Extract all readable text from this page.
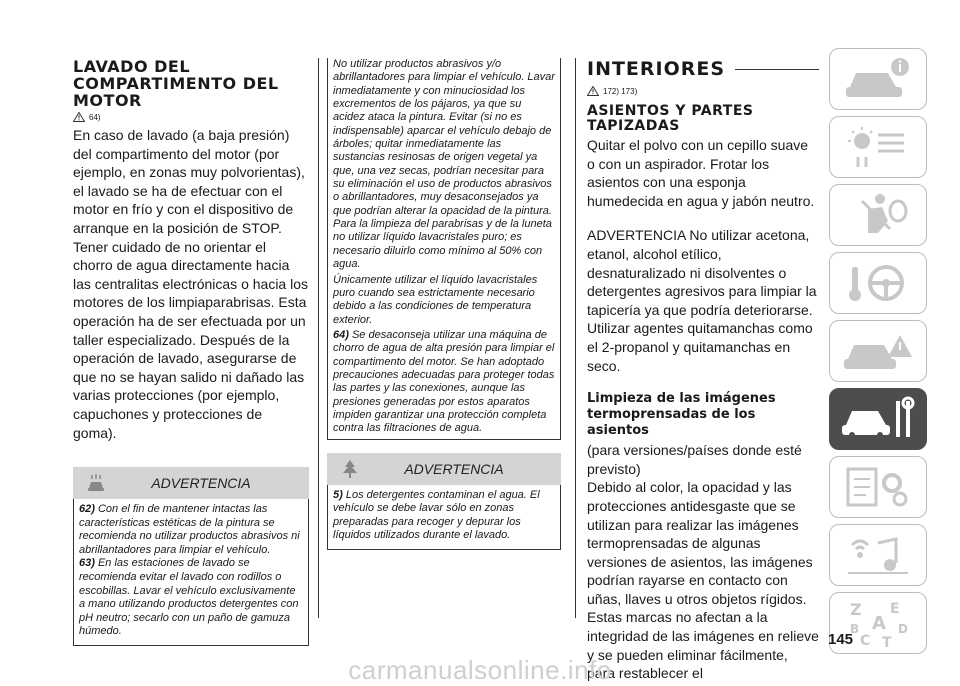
LAVADO DEL
COMPARTIMENTO DEL
MOTOR
64)

En caso de lavado (a baja presión) del compartimento del motor (por ejemplo, en zonas muy polvorientas), el lavado se ha de efectuar con el motor en frío y con el dispositivo de arranque en la posición de STOP. Tener cuidado de no orientar el chorro de agua directamente hacia las centralitas electrónicas o hacia los motores de los limpiaparabrisas. Esta operación ha de ser efectuada por un taller especializado. Después de la operación de lavado, asegurarse de que no se hayan salido ni dañado las varias protecciones (por ejemplo, capuchones y protecciones de goma).

ADVERTENCIA

62) Con el fin de mantener intactas las características estéticas de la pintura se recomienda no utilizar productos abrasivos ni abrillantadores para limpiar el vehículo.

63) En las estaciones de lavado se recomienda evitar el lavado con rodillos o escobillas. Lavar el vehículo exclusivamente a mano utilizando productos detergentes con pH neutro; secarlo con un paño de gamuza húmedo.

No utilizar productos abrasivos y/o abrillantadores para limpiar el vehículo. Lavar inmediatamente y con minuciosidad los excrementos de los pájaros, ya que su acidez ataca la pintura. Evitar (si no es indispensable) aparcar el vehículo debajo de árboles; quitar inmediatamente las sustancias resinosas de origen vegetal ya que, una vez secas, podrían necesitar para su eliminación el uso de productos abrasivos o abrillantadores, muy desaconsejados ya que podrían alterar la opacidad de la pintura. Para la limpieza del parabrisas y de la luneta no utilizar líquido lavacristales puro; es necesario diluirlo como mínimo al 50% con agua.

Únicamente utilizar el líquido lavacristales puro cuando sea estrictamente necesario debido a las condiciones de temperatura exterior.

64) Se desaconseja utilizar una máquina de chorro de agua de alta presión para limpiar el compartimento del motor. Se han adoptado precauciones adecuadas para proteger todas las partes y las conexiones, aunque las presiones generadas por estos aparatos impiden garantizar una protección completa contra las filtraciones de agua.

ADVERTENCIA

5) Los detergentes contaminan el agua. El vehículo se debe lavar sólo en zonas preparadas para recoger y depurar los líquidos utilizados durante el lavado.

INTERIORES
172) 173)
ASIENTOS Y PARTES
TAPIZADAS

Quitar el polvo con un cepillo suave o con un aspirador. Frotar los asientos con una esponja humedecida en agua y jabón neutro.

ADVERTENCIA No utilizar acetona, etanol, alcohol etílico, desnaturalizado ni disolventes o detergentes agresivos para limpiar la tapicería ya que podría deteriorarse. Utilizar agentes quitamanchas como el 2-propanol y quitamanchas en seco.

Limpieza de las imágenes
termoprensadas de los asientos

(para versiones/países donde esté previsto)

Debido al color, la opacidad y las protecciones antidesgaste que se utilizan para realizar las imágenes termoprensadas de algunas versiones de asientos, las imágenes podrían rayarse en contacto con uñas, llaves u otros objetos rígidos.

Estas marcas no afectan a la integridad de las imágenes en relieve y se pueden eliminar fácilmente, para restablecer el

Z E
A
B	D
C T
145
carmanualsonline.info
